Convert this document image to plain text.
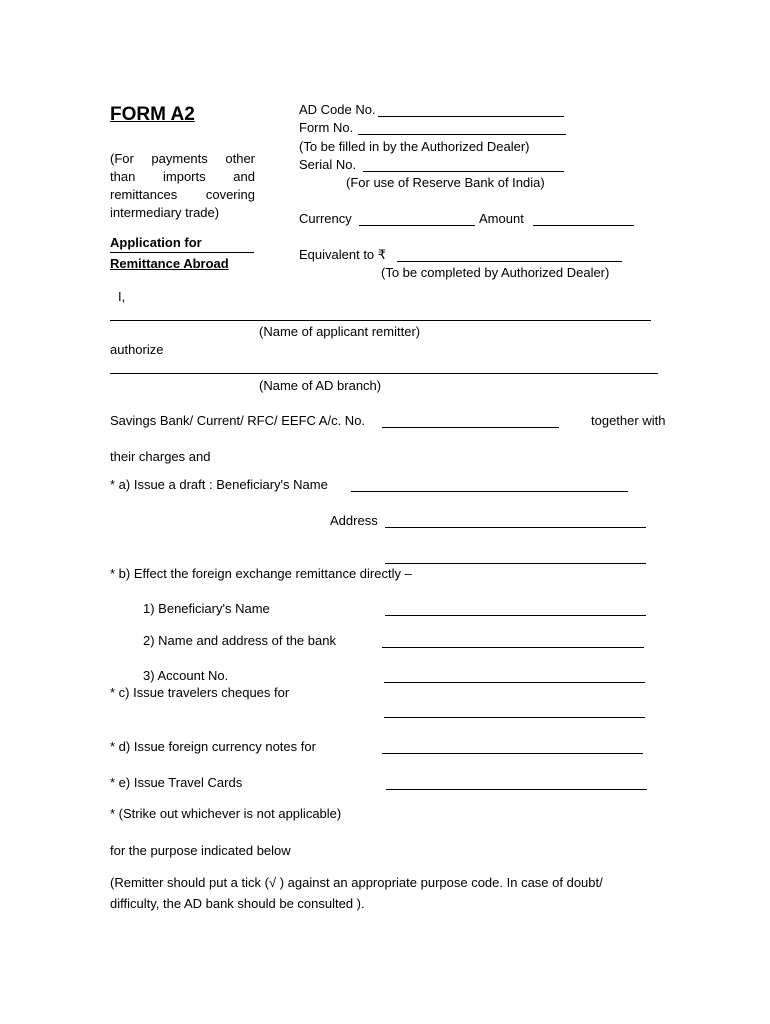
FORM A2
(For payments other than imports and remittances covering intermediary trade)
Application for
Remittance Abroad
AD Code No.
Form No.
(To be filled in by the Authorized Dealer)
Serial No.
(For use of Reserve Bank of India)
Currency	Amount
Equivalent to ₹
(To be completed by Authorized Dealer)
I,
(Name of applicant remitter)
authorize
(Name of AD branch)
Savings Bank/ Current/ RFC/ EEFC A/c. No.	together with
their charges and
* a) Issue a draft : Beneficiary's Name
Address
* b) Effect the foreign exchange remittance directly –
1) Beneficiary's Name
2) Name and address of the bank
3) Account No.
* c) Issue travelers cheques for
* d) Issue foreign currency notes for
* e) Issue Travel Cards
* (Strike out whichever is not applicable)
for the purpose indicated below
(Remitter should put a tick (√ ) against an appropriate purpose code. In case of doubt/
difficulty, the AD bank should be consulted ).
